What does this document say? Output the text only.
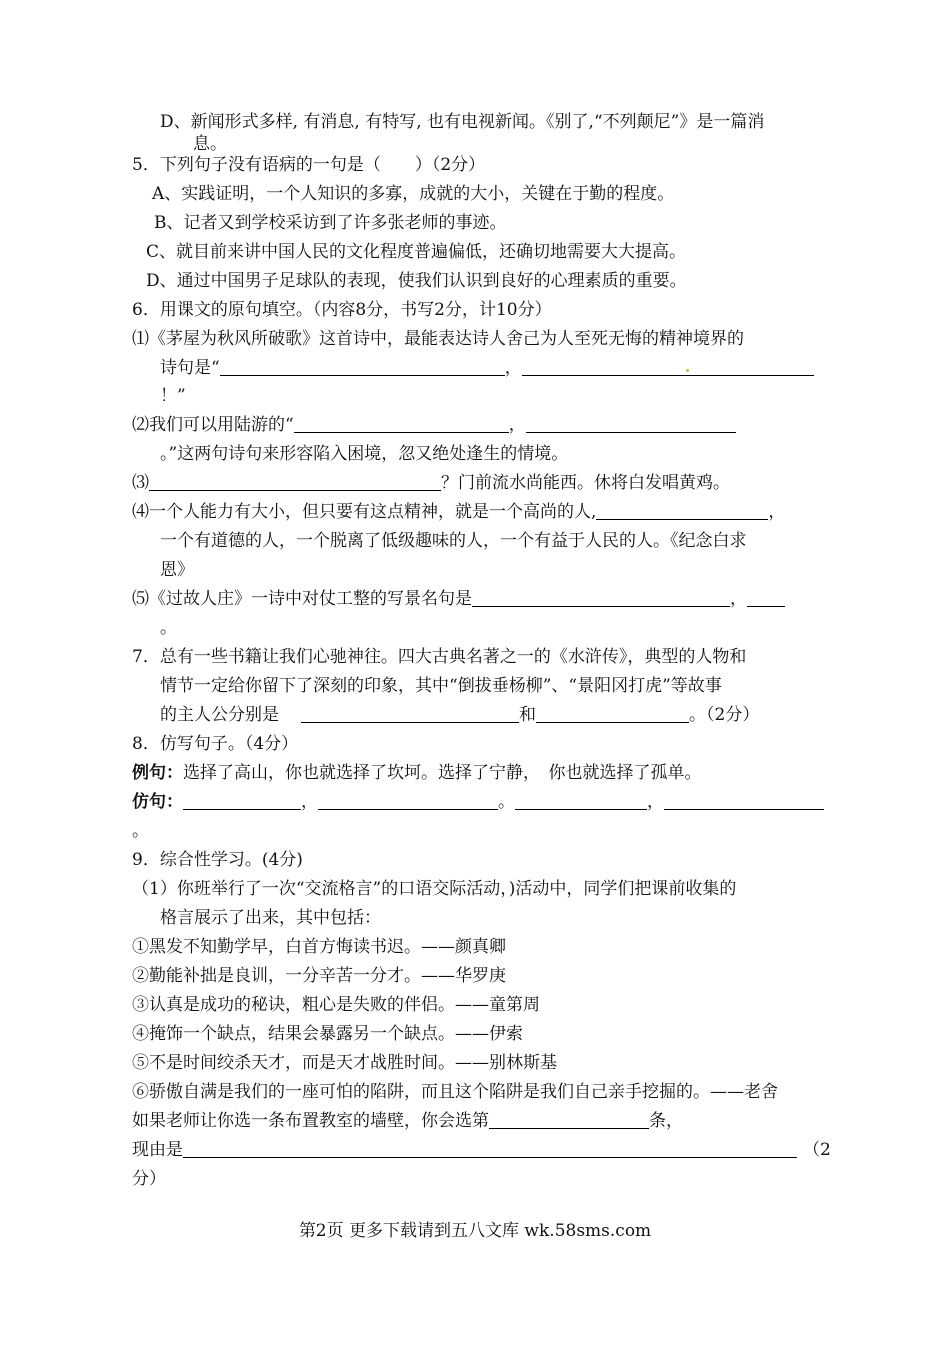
D、新闻形式多样, 有消息, 有特写, 也有电视新闻。《别了,“不列颠尼”》是一篇消
息。
5．下列句子没有语病的一句是（　　）（2分）
A、实践证明，一个人知识的多寡，成就的大小，关键在于勤的程度。
B、记者又到学校采访到了许多张老师的事迹。
C、就目前来讲中国人民的文化程度普遍偏低，还确切地需要大大提高。
D、通过中国男子足球队的表现，使我们认识到良好的心理素质的重要。
6．用课文的原句填空。（内容8分，书写2分，计10分）
⑴《茅屋为秋风所破歌》这首诗中，最能表达诗人舍己为人至死无悔的精神境界的
诗句是“	，
！”
⑵我们可以用陆游的“	，
。”这两句诗句来形容陷入困境，忽又绝处逢生的情境。
⑶	？门前流水尚能西。休将白发唱黄鸡。
⑷一个人能力有大小，但只要有这点精神，就是一个高尚的人,	，
一个有道德的人，一个脱离了低级趣味的人，一个有益于人民的人。《纪念白求
恩》
⑸《过故人庄》一诗中对仗工整的写景名句是	，
。
7．总有一些书籍让我们心驰神往。四大古典名著之一的《水浒传》，典型的人物和
情节一定给你留下了深刻的印象，其中“倒拔垂杨柳”、“景阳冈打虎”等故事
的主人公分别是	和	。（2分）
8．仿写句子。（4分）
例句：选择了高山，你也就选择了坎坷。选择了宁静，　你也就选择了孤单。
仿句：	，	。	，
。
9．综合性学习。(4分)
（1）你班举行了一次“交流格言”的口语交际活动，)活动中，同学们把课前收集的
格言展示了出来，其中包括：
①黑发不知勤学早，白首方悔读书迟。——颜真卿
②勤能补拙是良训，一分辛苦一分才。——华罗庚
③认真是成功的秘诀，粗心是失败的伴侣。——童第周
④掩饰一个缺点，结果会暴露另一个缺点。——伊索
⑤不是时间绞杀天才，而是天才战胜时间。——别林斯基
⑥骄傲自满是我们的一座可怕的陷阱，而且这个陷阱是我们自己亲手挖掘的。——老舍
如果老师让你选一条布置教室的墙壁，你会选第	条，
现由是	（2
分）
第2页 更多下载请到五八文库 wk.58sms.com
